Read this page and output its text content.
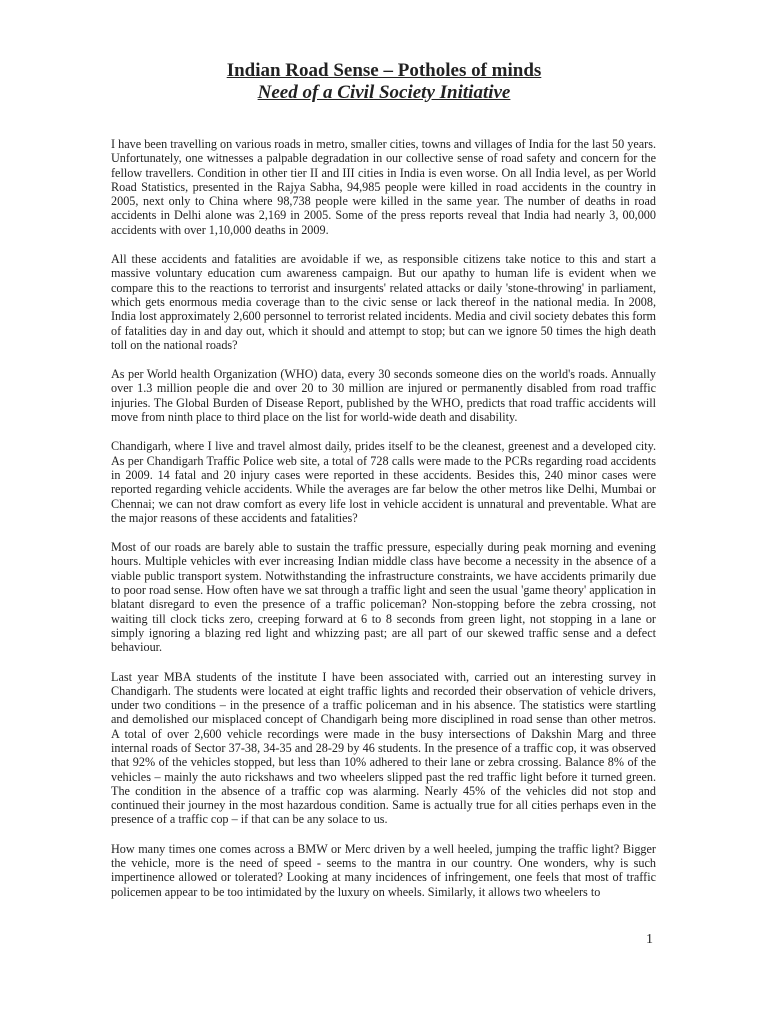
Indian Road Sense – Potholes of minds
Need of a Civil Society Initiative

I have been travelling on various roads in metro, smaller cities, towns and villages of India for the last 50 years. Unfortunately, one witnesses a palpable degradation in our collective sense of road safety and concern for the fellow travellers. Condition in other tier II and III cities in India is even worse. On all India level, as per World Road Statistics, presented in the Rajya Sabha, 94,985 people were killed in road accidents in the country in 2005, next only to China where 98,738 people were killed in the same year. The number of deaths in road accidents in Delhi alone was 2,169 in 2005. Some of the press reports reveal that India had nearly 3, 00,000 accidents with over 1,10,000 deaths in 2009.

All these accidents and fatalities are avoidable if we, as responsible citizens take notice to this and start a massive voluntary education cum awareness campaign. But our apathy to human life is evident when we compare this to the reactions to terrorist and insurgents' related attacks or daily 'stone-throwing' in parliament, which gets enormous media coverage than to the civic sense or lack thereof in the national media. In 2008, India lost approximately 2,600 personnel to terrorist related incidents. Media and civil society debates this form of fatalities day in and day out, which it should and attempt to stop; but can we ignore 50 times the high death toll on the national roads?

As per World health Organization (WHO) data, every 30 seconds someone dies on the world's roads. Annually over 1.3 million people die and over 20 to 30 million are injured or permanently disabled from road traffic injuries. The Global Burden of Disease Report, published by the WHO, predicts that road traffic accidents will move from ninth place to third place on the list for world-wide death and disability.

Chandigarh, where I live and travel almost daily, prides itself to be the cleanest, greenest and a developed city. As per Chandigarh Traffic Police web site, a total of 728 calls were made to the PCRs regarding road accidents in 2009. 14 fatal and 20 injury cases were reported in these accidents. Besides this, 240 minor cases were reported regarding vehicle accidents. While the averages are far below the other metros like Delhi, Mumbai or Chennai; we can not draw comfort as every life lost in vehicle accident is unnatural and preventable. What are the major reasons of these accidents and fatalities?

Most of our roads are barely able to sustain the traffic pressure, especially during peak morning and evening hours. Multiple vehicles with ever increasing Indian middle class have become a necessity in the absence of a viable public transport system. Notwithstanding the infrastructure constraints, we have accidents primarily due to poor road sense. How often have we sat through a traffic light and seen the usual 'game theory' application in blatant disregard to even the presence of a traffic policeman? Non-stopping before the zebra crossing, not waiting till clock ticks zero, creeping forward at 6 to 8 seconds from green light, not stopping in a lane or simply ignoring a blazing red light and whizzing past; are all part of our skewed traffic sense and a defect behaviour.

Last year MBA students of the institute I have been associated with, carried out an interesting survey in Chandigarh. The students were located at eight traffic lights and recorded their observation of vehicle drivers, under two conditions – in the presence of a traffic policeman and in his absence. The statistics were startling and demolished our misplaced concept of Chandigarh being more disciplined in road sense than other metros. A total of over 2,600 vehicle recordings were made in the busy intersections of Dakshin Marg and three internal roads of Sector 37-38, 34-35 and 28-29 by 46 students. In the presence of a traffic cop, it was observed that 92% of the vehicles stopped, but less than 10% adhered to their lane or zebra crossing. Balance 8% of the vehicles – mainly the auto rickshaws and two wheelers slipped past the red traffic light before it turned green. The condition in the absence of a traffic cop was alarming. Nearly 45% of the vehicles did not stop and continued their journey in the most hazardous condition. Same is actually true for all cities perhaps even in the presence of a traffic cop – if that can be any solace to us.

How many times one comes across a BMW or Merc driven by a well heeled, jumping the traffic light? Bigger the vehicle, more is the need of speed - seems to the mantra in our country. One wonders, why is such impertinence allowed or tolerated? Looking at many incidences of infringement, one feels that most of traffic policemen appear to be too intimidated by the luxury on wheels. Similarly, it allows two wheelers to

1
